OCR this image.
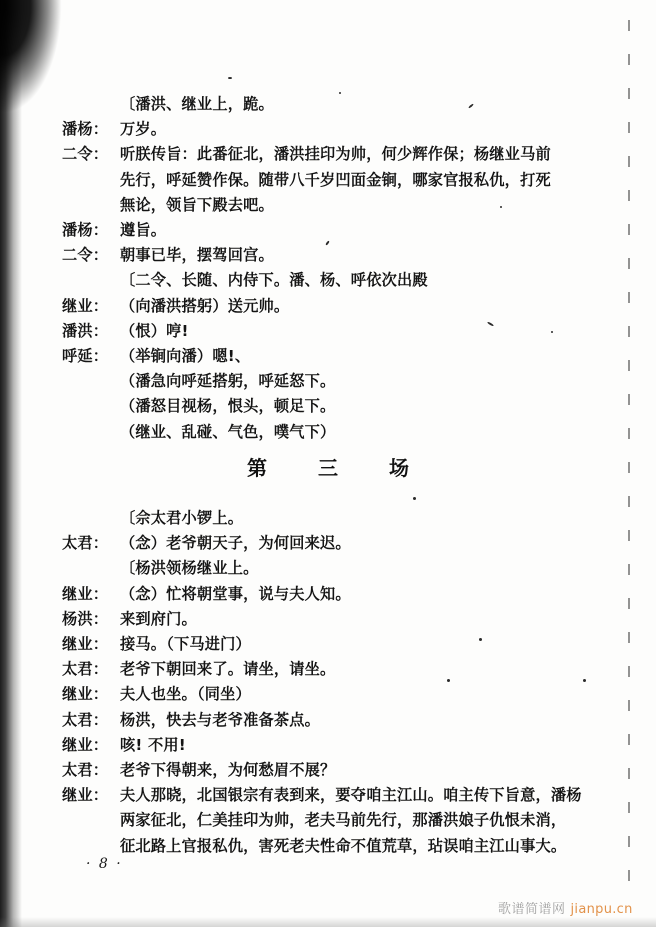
〔潘洪、继业上，跪。
潘杨： 万岁。
二令： 听朕传旨：此番征北，潘洪挂印为帅，何少辉作保；杨继业马前
先行，呼延赞作保。随带八千岁凹面金锏，哪家官报私仇，打死
無论，领旨下殿去吧。
潘杨： 遵旨。
二令： 朝事已毕，摆驾回宫。
〔二令、长随、内侍下。潘、杨、呼依次出殿
继业： （向潘洪搭躬）送元帅。
潘洪： （恨）哼!
呼延： （举锏向潘）嗯!、
（潘急向呼延搭躬，呼延怒下。
（潘怒目视杨，恨头，顿足下。
（继业、乱碰、气色，噗气下）
第 三 场
〔佘太君小锣上。
太君： （念）老爷朝天子，为何回来迟。
〔杨洪领杨继业上。
继业： （念）忙将朝堂事，说与夫人知。
杨洪： 来到府门。
继业： 接马。（下马进门）
太君： 老爷下朝回来了。请坐，请坐。
继业： 夫人也坐。（同坐）
太君： 杨洪，快去与老爷准备茶点。
继业： 咳! 不用!
太君： 老爷下得朝来，为何愁眉不展？
继业： 夫人那晓，北国银宗有表到来，要夺咱主江山。咱主传下旨意，潘杨
两家征北，仁美挂印为帅，老夫马前先行，那潘洪娘子仇恨未消，
征北路上官报私仇，害死老夫性命不值荒草，玷误咱主江山事大。
· 8 ·
歌谱简谱网 jianpu.cn
